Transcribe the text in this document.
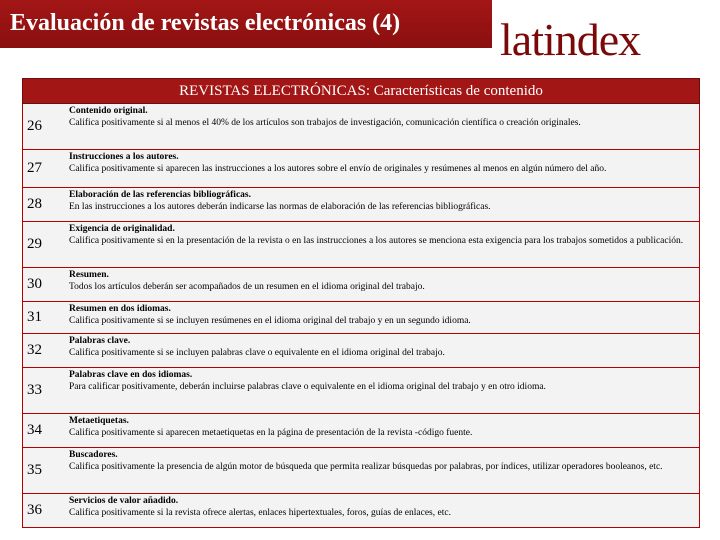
Evaluación de revistas electrónicas (4) latindex
REVISTAS ELECTRÓNICAS: Características de contenido
26
Contenido original.
Califica positivamente si al menos el 40% de los artículos son trabajos de investigación, comunicación científica o creación originales.
27
Instrucciones a los autores.
Califica positivamente si aparecen las instrucciones a los autores sobre el envío de originales y resúmenes al menos en algún número del año.
28
Elaboración de las referencias bibliográficas.
En las instrucciones a los autores deberán indicarse las normas de elaboración de las referencias bibliográficas.
29
Exigencia de originalidad.
Califica positivamente si en la presentación de la revista o en las instrucciones a los autores se menciona esta exigencia para los trabajos sometidos a publicación.
30
Resumen.
Todos los artículos deberán ser acompañados de un resumen en el idioma original del trabajo.
31	Resumen en dos idiomas.
Califica positivamente si se incluyen resúmenes en el idioma original del trabajo y en un segundo idioma.
32
Palabras clave.
Califica positivamente si se incluyen palabras clave o equivalente en el idioma original del trabajo.
33
Palabras clave en dos idiomas.
Para calificar positivamente, deberán incluirse palabras clave o equivalente en el idioma original del trabajo y en otro idioma.
34
Metaetiquetas.
Califica positivamente si aparecen metaetiquetas en la página de presentación de la revista -código fuente.
35
Buscadores.
Califica positivamente la presencia de algún motor de búsqueda que permita realizar búsquedas por palabras, por índices, utilizar operadores booleanos, etc.
36
Servicios de valor añadido.
Califica positivamente si la revista ofrece alertas, enlaces hipertextuales, foros, guías de enlaces, etc.
